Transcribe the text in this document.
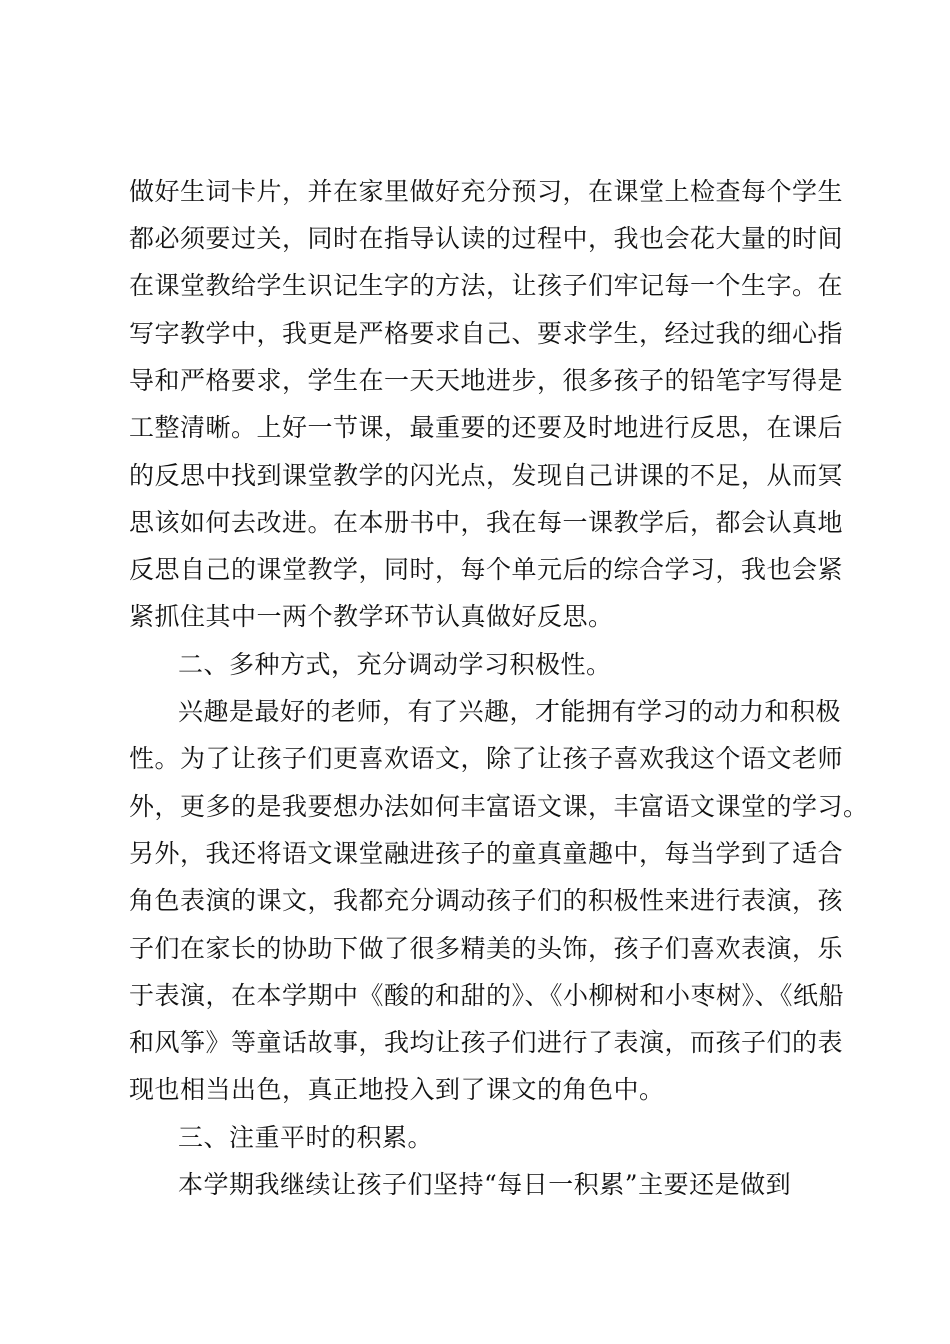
做好生词卡片，并在家里做好充分预习，在课堂上检查每个学生
都必须要过关，同时在指导认读的过程中，我也会花大量的时间
在课堂教给学生识记生字的方法，让孩子们牢记每一个生字。在
写字教学中，我更是严格要求自己、要求学生，经过我的细心指
导和严格要求，学生在一天天地进步，很多孩子的铅笔字写得是
工整清晰。上好一节课，最重要的还要及时地进行反思，在课后
的反思中找到课堂教学的闪光点，发现自己讲课的不足，从而冥
思该如何去改进。在本册书中，我在每一课教学后，都会认真地
反思自己的课堂教学，同时，每个单元后的综合学习，我也会紧
紧抓住其中一两个教学环节认真做好反思。
二、多种方式，充分调动学习积极性。
兴趣是最好的老师，有了兴趣，才能拥有学习的动力和积极
性。为了让孩子们更喜欢语文，除了让孩子喜欢我这个语文老师
外，更多的是我要想办法如何丰富语文课，丰富语文课堂的学习。
另外，我还将语文课堂融进孩子的童真童趣中，每当学到了适合
角色表演的课文，我都充分调动孩子们的积极性来进行表演，孩
子们在家长的协助下做了很多精美的头饰，孩子们喜欢表演，乐
于表演，在本学期中《酸的和甜的》、《小柳树和小枣树》、《纸船
和风筝》等童话故事，我均让孩子们进行了表演，而孩子们的表
现也相当出色，真正地投入到了课文的角色中。
三、注重平时的积累。
本学期我继续让孩子们坚持“每日一积累”主要还是做到
